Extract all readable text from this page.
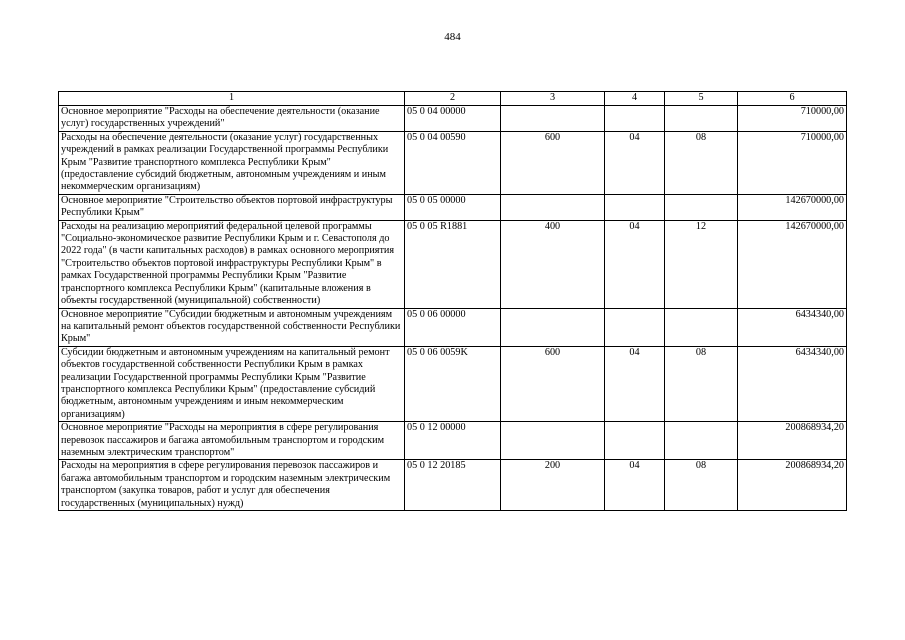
484
1	2	3	4	5	6
Основное мероприятие "Расходы на обеспечение деятельности (оказание услуг) государственных учреждений"	05 0 04 00000				710000,00
Расходы на обеспечение деятельности (оказание услуг) государственных учреждений в рамках реализации Государственной программы Республики Крым "Развитие транспортного комплекса Республики Крым" (предоставление субсидий бюджетным, автономным учреждениям и иным некоммерческим организациям)	05 0 04 00590	600	04	08	710000,00
Основное мероприятие "Строительство объектов портовой инфраструктуры Республики Крым"	05 0 05 00000				142670000,00
Расходы на реализацию мероприятий федеральной целевой программы "Социально-экономическое развитие Республики Крым и г. Севастополя до 2022 года" (в части капитальных расходов) в рамках основного мероприятия "Строительство объектов портовой инфраструктуры Республики Крым" в рамках Государственной программы Республики Крым "Развитие транспортного комплекса Республики Крым" (капитальные вложения в объекты государственной (муниципальной) собственности)	05 0 05 R1881	400	04	12	142670000,00
Основное мероприятие "Субсидии бюджетным и автономным учреждениям на капитальный ремонт объектов государственной собственности Республики Крым"	05 0 06 00000				6434340,00
Субсидии бюджетным и автономным учреждениям на капитальный ремонт объектов государственной собственности Республики Крым в рамках реализации Государственной программы Республики Крым "Развитие транспортного комплекса Республики Крым" (предоставление субсидий бюджетным, автономным учреждениям и иным некоммерческим организациям)	05 0 06 0059K	600	04	08	6434340,00
Основное мероприятие "Расходы на мероприятия в сфере регулирования перевозок пассажиров и багажа автомобильным транспортом и городским наземным электрическим транспортом"	05 0 12 00000				200868934,20
Расходы на мероприятия в сфере регулирования перевозок пассажиров и багажа автомобильным транспортом и городским наземным электрическим транспортом (закупка товаров, работ и услуг для обеспечения государственных (муниципальных) нужд)	05 0 12 20185	200	04	08	200868934,20
